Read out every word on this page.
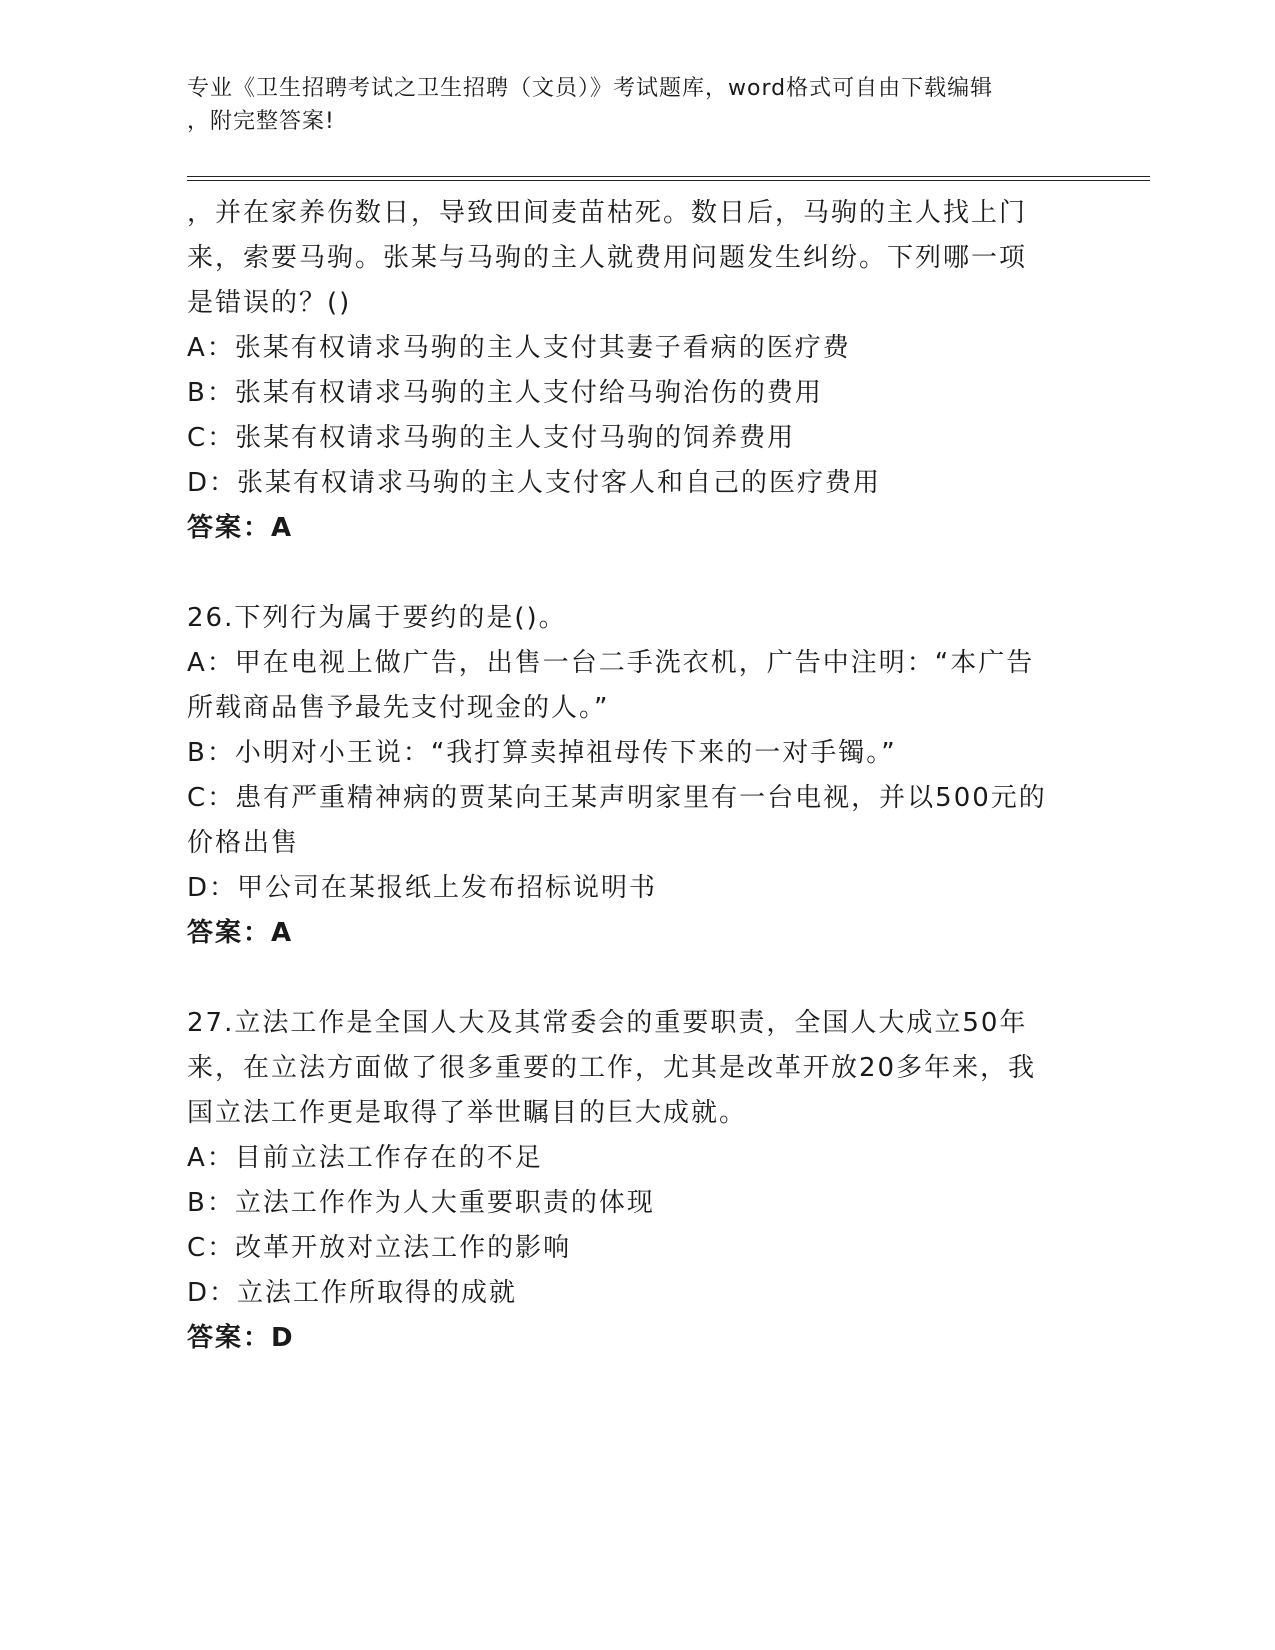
专业《卫生招聘考试之卫生招聘（文员）》考试题库，word格式可自由下载编辑
，附完整答案!
，并在家养伤数日，导致田间麦苗枯死。数日后，马驹的主人找上门
来，索要马驹。张某与马驹的主人就费用问题发生纠纷。下列哪一项
是错误的？()
A：张某有权请求马驹的主人支付其妻子看病的医疗费
B：张某有权请求马驹的主人支付给马驹治伤的费用
C：张某有权请求马驹的主人支付马驹的饲养费用
D：张某有权请求马驹的主人支付客人和自己的医疗费用
答案：A
26.下列行为属于要约的是()。
A：甲在电视上做广告，出售一台二手洗衣机，广告中注明：“本广告
所载商品售予最先支付现金的人。”
B：小明对小王说：“我打算卖掉祖母传下来的一对手镯。”
C：患有严重精神病的贾某向王某声明家里有一台电视，并以500元的
价格出售
D：甲公司在某报纸上发布招标说明书
答案：A
27.立法工作是全国人大及其常委会的重要职责，全国人大成立50年
来，在立法方面做了很多重要的工作，尤其是改革开放20多年来，我
国立法工作更是取得了举世瞩目的巨大成就。
A：目前立法工作存在的不足
B：立法工作作为人大重要职责的体现
C：改革开放对立法工作的影响
D：立法工作所取得的成就
答案：D
